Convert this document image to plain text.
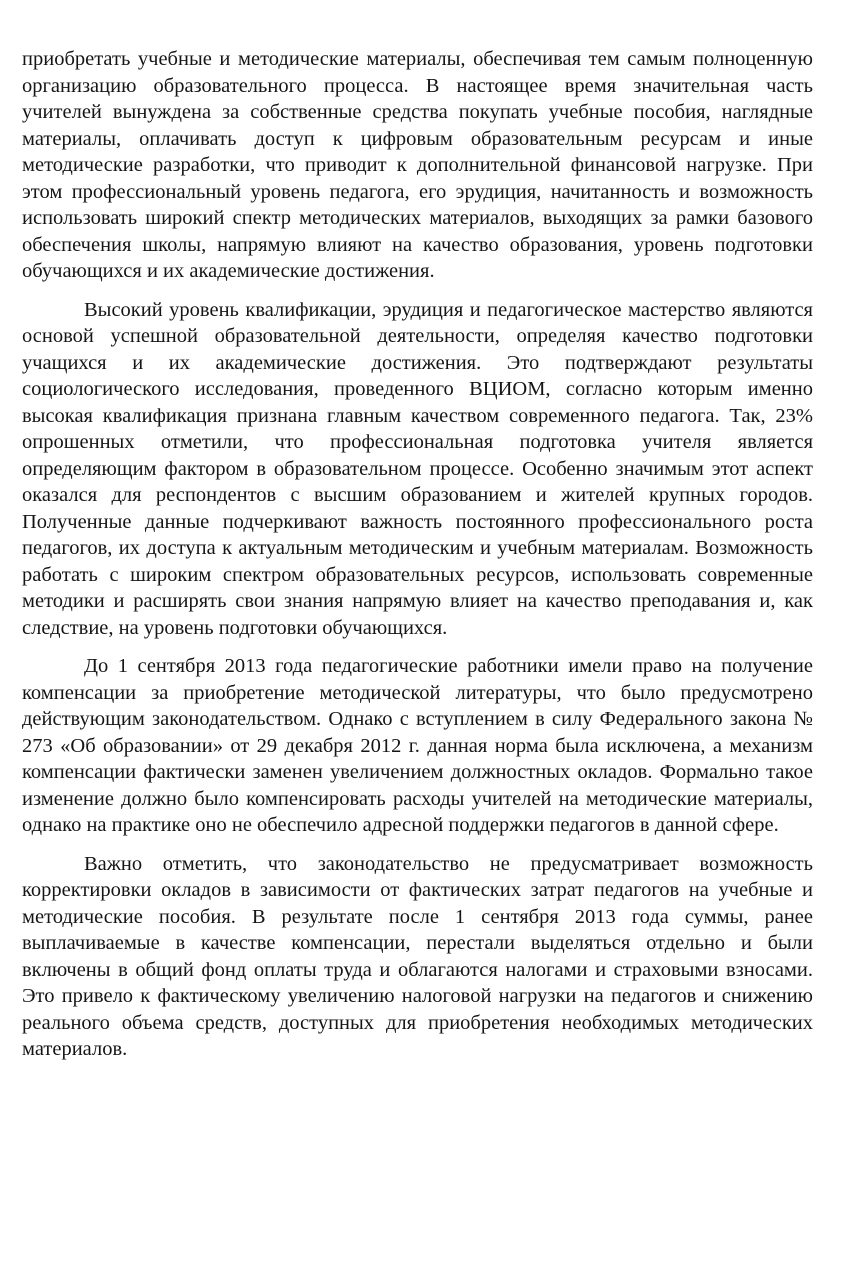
приобретать учебные и методические материалы, обеспечивая тем самым полноценную организацию образовательного процесса. В настоящее время значительная часть учителей вынуждена за собственные средства покупать учебные пособия, наглядные материалы, оплачивать доступ к цифровым образовательным ресурсам и иные методические разработки, что приводит к дополнительной финансовой нагрузке. При этом профессиональный уровень педагога, его эрудиция, начитанность и возможность использовать широкий спектр методических материалов, выходящих за рамки базового обеспечения школы, напрямую влияют на качество образования, уровень подготовки обучающихся и их академические достижения.

Высокий уровень квалификации, эрудиция и педагогическое мастерство являются основой успешной образовательной деятельности, определяя качество подготовки учащихся и их академические достижения. Это подтверждают результаты социологического исследования, проведенного ВЦИОМ, согласно которым именно высокая квалификация признана главным качеством современного педагога. Так, 23% опрошенных отметили, что профессиональная подготовка учителя является определяющим фактором в образовательном процессе. Особенно значимым этот аспект оказался для респондентов с высшим образованием и жителей крупных городов. Полученные данные подчеркивают важность постоянного профессионального роста педагогов, их доступа к актуальным методическим и учебным материалам. Возможность работать с широким спектром образовательных ресурсов, использовать современные методики и расширять свои знания напрямую влияет на качество преподавания и, как следствие, на уровень подготовки обучающихся.

До 1 сентября 2013 года педагогические работники имели право на получение компенсации за приобретение методической литературы, что было предусмотрено действующим законодательством. Однако с вступлением в силу Федерального закона № 273 «Об образовании» от 29 декабря 2012 г. данная норма была исключена, а механизм компенсации фактически заменен увеличением должностных окладов. Формально такое изменение должно было компенсировать расходы учителей на методические материалы, однако на практике оно не обеспечило адресной поддержки педагогов в данной сфере.

Важно отметить, что законодательство не предусматривает возможность корректировки окладов в зависимости от фактических затрат педагогов на учебные и методические пособия. В результате после 1 сентября 2013 года суммы, ранее выплачиваемые в качестве компенсации, перестали выделяться отдельно и были включены в общий фонд оплаты труда и облагаются налогами и страховыми взносами. Это привело к фактическому увеличению налоговой нагрузки на педагогов и снижению реального объема средств, доступных для приобретения необходимых методических материалов.
